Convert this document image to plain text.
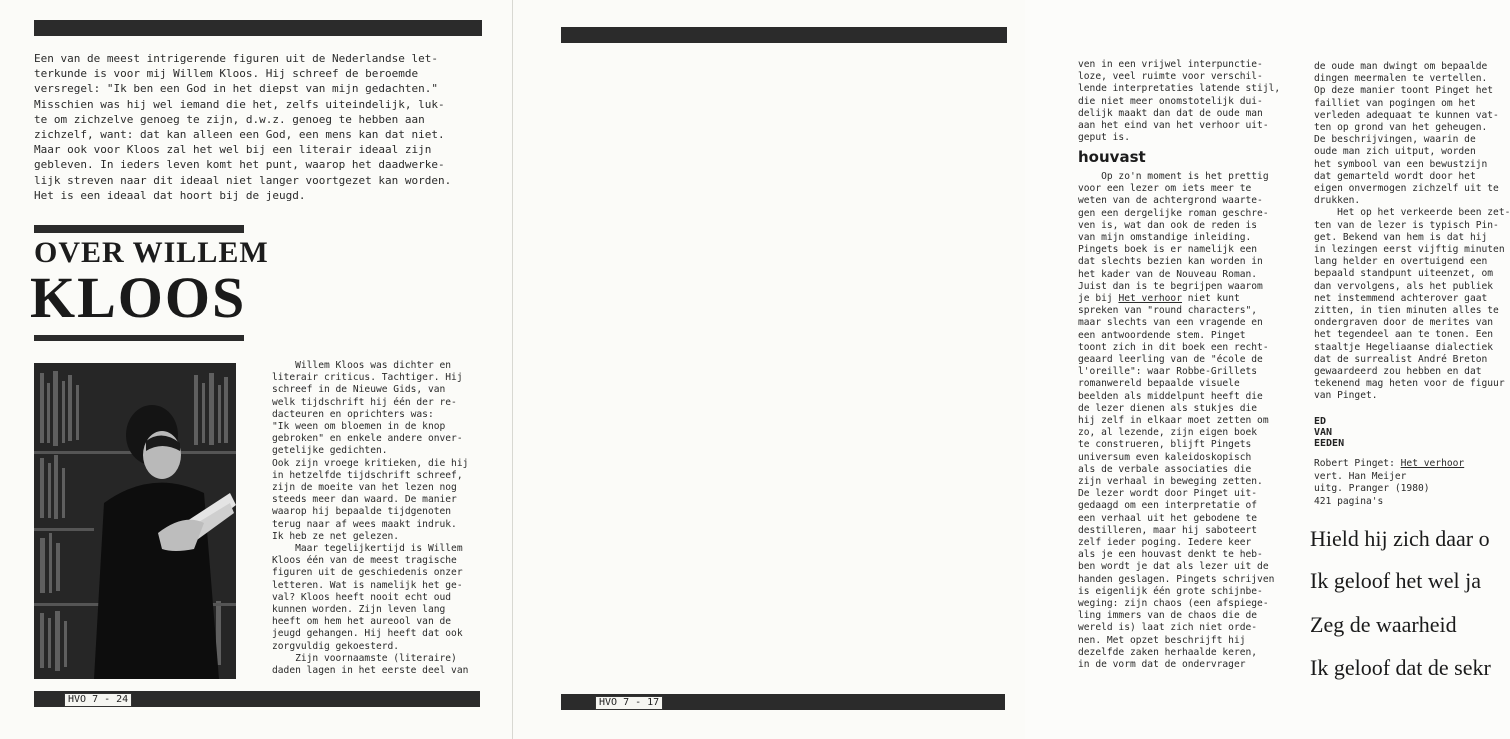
Een van de meest intrigerende figuren uit de Nederlandse let-
terkunde is voor mij Willem Kloos. Hij schreef de beroemde
versregel: "Ik ben een God in het diepst van mijn gedachten."
Misschien was hij wel iemand die het, zelfs uiteindelijk, luk-
te om zichzelve genoeg te zijn, d.w.z. genoeg te hebben aan
zichzelf, want: dat kan alleen een God, een mens kan dat niet.
Maar ook voor Kloos zal het wel bij een literair ideaal zijn
gebleven. In ieders leven komt het punt, waarop het daadwerke-
lijk streven naar dit ideaal niet langer voortgezet kan worden.
Het is een ideaal dat hoort bij de jeugd.
OVER WILLEM
KLOOS
Willem Kloos was dichter en
literair criticus. Tachtiger. Hij
schreef in de Nieuwe Gids, van
welk tijdschrift hij één der re-
dacteuren en oprichters was:
"Ik ween om bloemen in de knop
gebroken" en enkele andere onver-
getelijke gedichten.
Ook zijn vroege kritieken, die hij
in hetzelfde tijdschrift schreef,
zijn de moeite van het lezen nog
steeds meer dan waard. De manier
waarop hij bepaalde tijdgenoten
terug naar af wees maakt indruk.
Ik heb ze net gelezen.
Maar tegelijkertijd is Willem
Kloos één van de meest tragische
figuren uit de geschiedenis onzer
letteren. Wat is namelijk het ge-
val? Kloos heeft nooit echt oud
kunnen worden. Zijn leven lang
heeft om hem het aureool van de
jeugd gehangen. Hij heeft dat ook
zorgvuldig gekoesterd.
Zijn voornaamste (literaire)
daden lagen in het eerste deel van
HVO 7 - 24
ven in een vrijwel interpunctie-
loze, veel ruimte voor verschil-
lende interpretaties latende stijl,
die niet meer onomstotelijk dui-
delijk maakt dan dat de oude man
aan het eind van het verhoor uit-
geput is.
houvast
Op zo'n moment is het prettig
voor een lezer om iets meer te
weten van de achtergrond waarte-
gen een dergelijke roman geschre-
ven is, wat dan ook de reden is
van mijn omstandige inleiding.
Pingets boek is er namelijk een
dat slechts bezien kan worden in
het kader van de Nouveau Roman.
Juist dan is te begrijpen waarom
je bij Het verhoor niet kunt
spreken van "round characters",
maar slechts van een vragende en
een antwoordende stem. Pinget
toont zich in dit boek een recht-
geaard leerling van de "école de
l'oreille": waar Robbe-Grillets
romanwereld bepaalde visuele
beelden als middelpunt heeft die
de lezer dienen als stukjes die
hij zelf in elkaar moet zetten om
zo, al lezende, zijn eigen boek
te construeren, blijft Pingets
universum even kaleidoskopisch
als de verbale associaties die
zijn verhaal in beweging zetten.
De lezer wordt door Pinget uit-
gedaagd om een interpretatie of
een verhaal uit het gebodene te
destilleren, maar hij saboteert
zelf ieder poging. Iedere keer
als je een houvast denkt te heb-
ben wordt je dat als lezer uit de
handen geslagen. Pingets schrijven
is eigenlijk één grote schijnbe-
weging: zijn chaos (een afspiege-
ling immers van de chaos die de
wereld is) laat zich niet orde-
nen. Met opzet beschrijft hij
dezelfde zaken herhaalde keren,
in de vorm dat de ondervrager
de oude man dwingt om bepaalde
dingen meermalen te vertellen.
Op deze manier toont Pinget het
failliet van pogingen om het
verleden adequaat te kunnen vat-
ten op grond van het geheugen.
De beschrijvingen, waarin de
oude man zich uitput, worden
het symbool van een bewustzijn
dat gemarteld wordt door het
eigen onvermogen zichzelf uit te
drukken.
Het op het verkeerde been zet-
ten van de lezer is typisch Pin-
get. Bekend van hem is dat hij
in lezingen eerst vijftig minuten
lang helder en overtuigend een
bepaald standpunt uiteenzet, om
dan vervolgens, als het publiek
net instemmend achterover gaat
zitten, in tien minuten alles te
ondergraven door de merites van
het tegendeel aan te tonen. Een
staaltje Hegeliaanse dialectiek
dat de surrealist André Breton
gewaardeerd zou hebben en dat
tekenend mag heten voor de figuur
van Pinget.
ED VAN EEDEN
Robert Pinget: Het verhoor
vert. Han Meijer
uitg. Pranger (1980)
421 pagina's
Hield hij zich daar o
Ik geloof het wel ja
Zeg de waarheid
Ik geloof dat de sekr
HVO 7 - 17
